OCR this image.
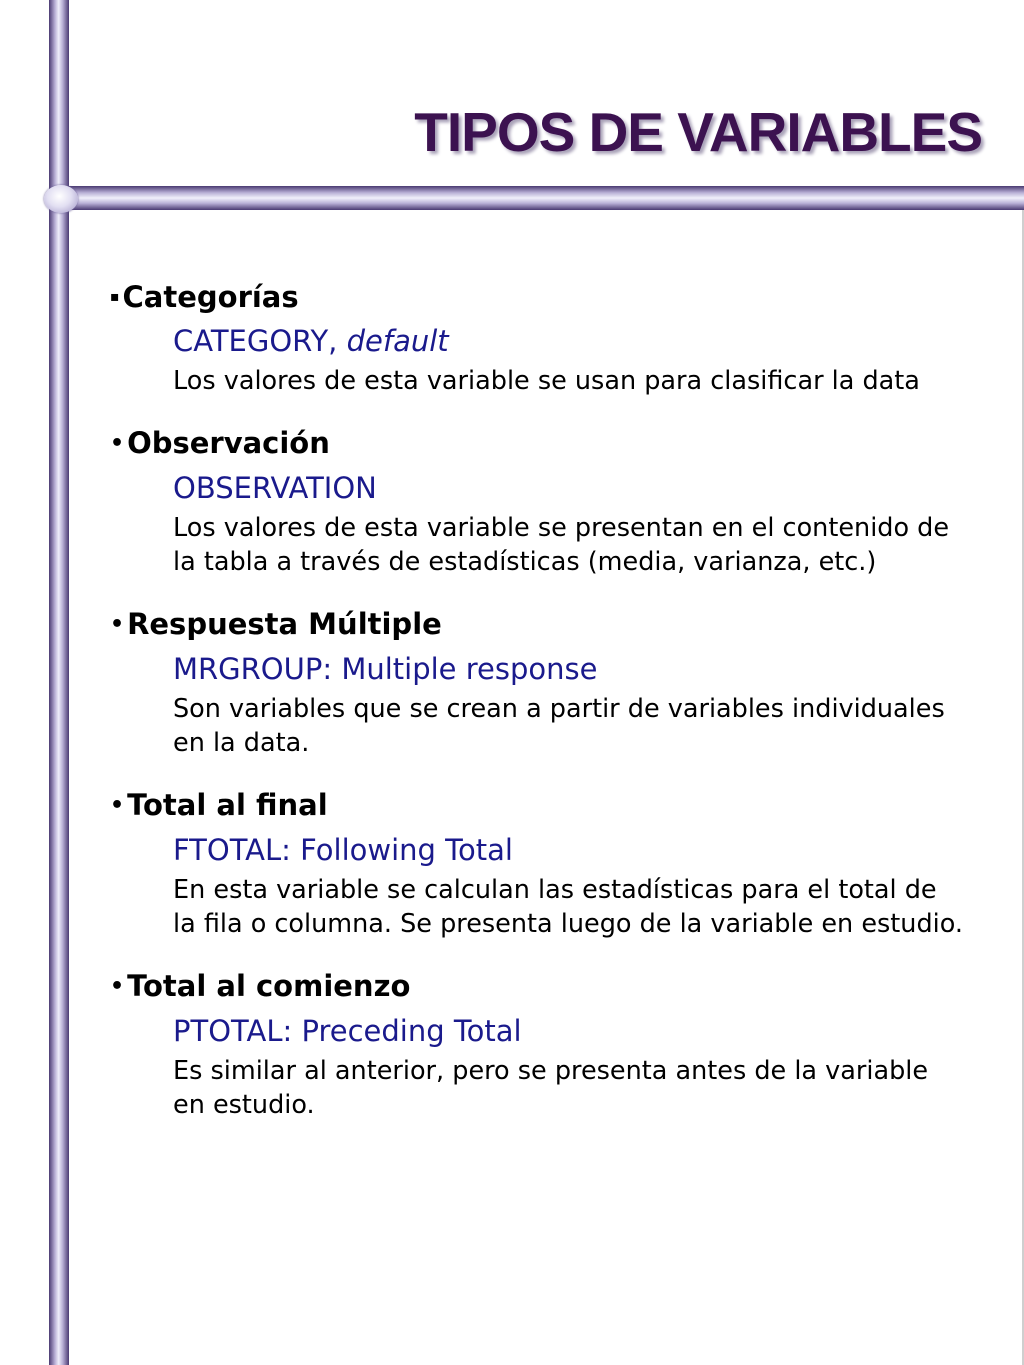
TIPOS DE VARIABLES
▪ Categorías
CATEGORY, default
Los valores de esta variable se usan para clasificar la data
• Observación
OBSERVATION
Los valores de esta variable se presentan en el contenido de la tabla a través de estadísticas (media, varianza, etc.)
• Respuesta Múltiple
MRGROUP: Multiple response
Son variables que se crean a partir de variables individuales en la data.
• Total al final
FTOTAL: Following Total
En esta variable se calculan las estadísticas para el total de la fila o columna. Se presenta luego de la variable en estudio.
• Total al comienzo
PTOTAL: Preceding Total
Es similar al anterior, pero se presenta antes de la variable en estudio.
